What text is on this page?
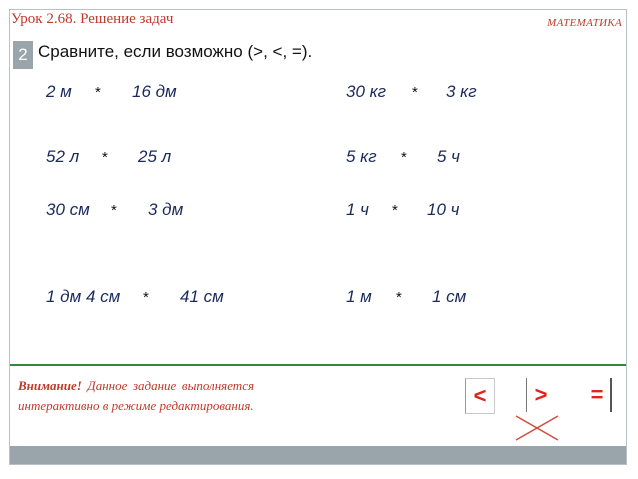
Урок 2.68. Решение задач	МАТЕМАТИКА
2 Сравните, если возможно (>, <, =).
2 м * 16 дм	30 кг * 3 кг
52 л * 25 л	5 кг * 5 ч
30 см * 3 дм	1 ч * 10 ч
1 дм 4 см * 41 см	1 м * 1 см
Внимание! Данное задание выполняется интерактивно в режиме редактирования.	<	>	=
